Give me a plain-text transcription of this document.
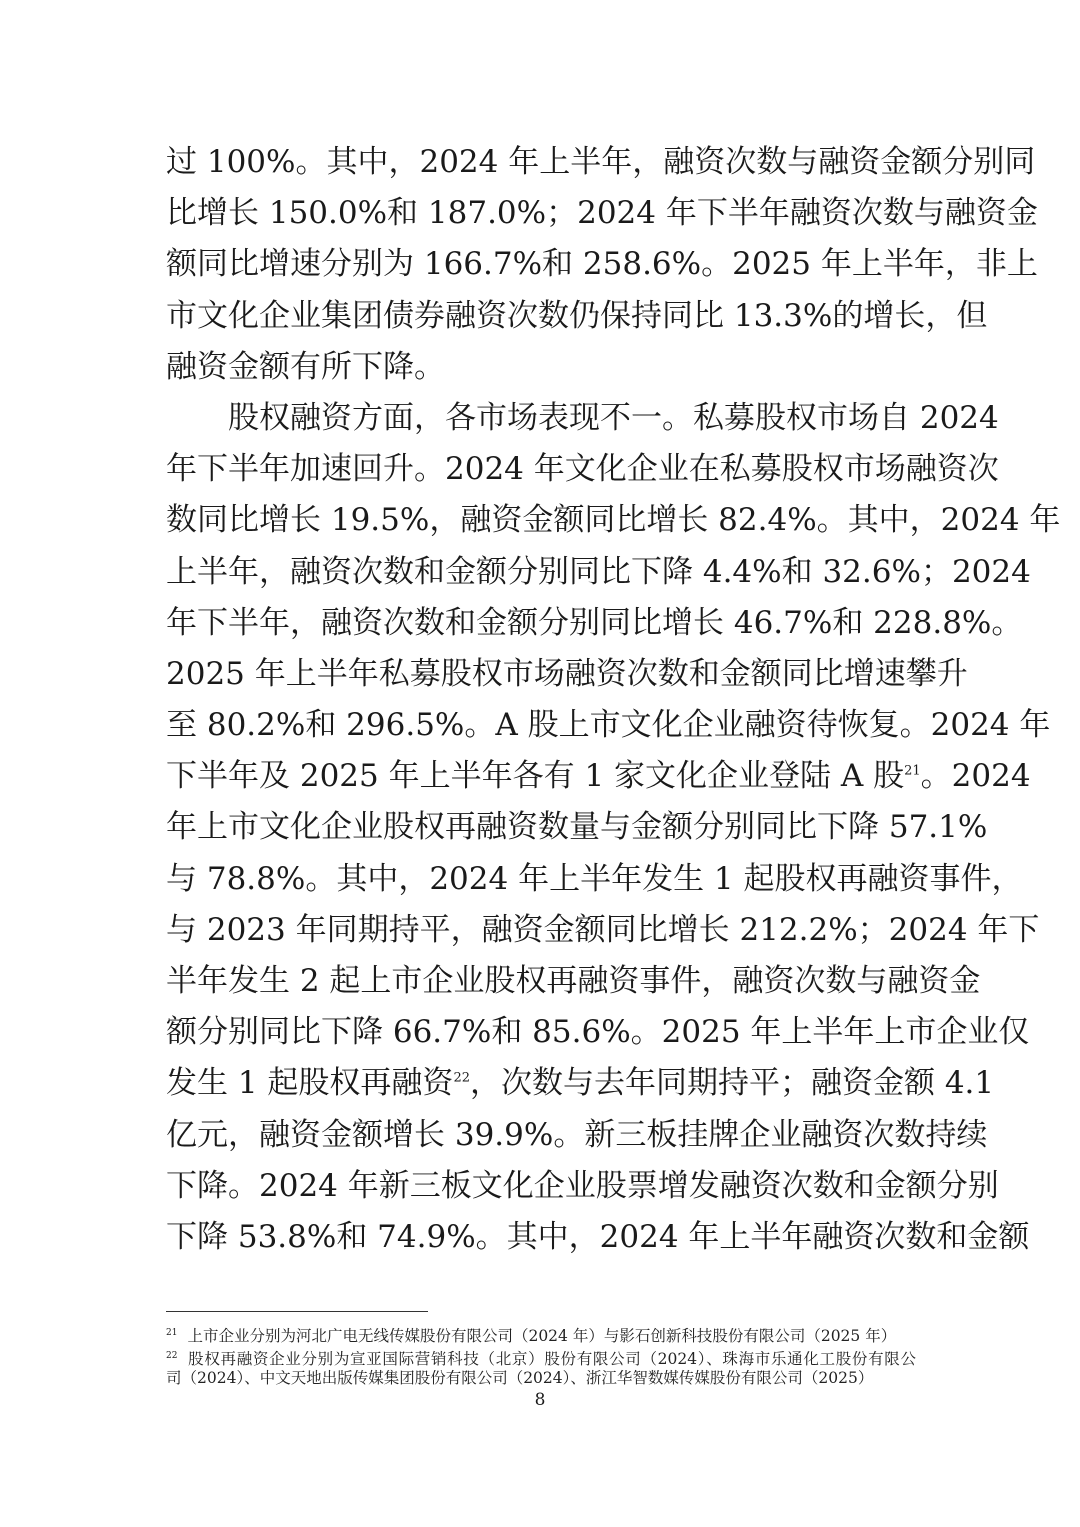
过 100%。其中，2024 年上半年，融资次数与融资金额分别同
比增长 150.0%和 187.0%；2024 年下半年融资次数与融资金
额同比增速分别为 166.7%和 258.6%。2025 年上半年，非上
市文化企业集团债券融资次数仍保持同比 13.3%的增长，但
融资金额有所下降。
股权融资方面，各市场表现不一。私募股权市场自 2024
年下半年加速回升。2024 年文化企业在私募股权市场融资次
数同比增长 19.5%，融资金额同比增长 82.4%。其中，2024 年
上半年，融资次数和金额分别同比下降 4.4%和 32.6%；2024
年下半年，融资次数和金额分别同比增长 46.7%和 228.8%。
2025 年上半年私募股权市场融资次数和金额同比增速攀升
至 80.2%和 296.5%。A 股上市文化企业融资待恢复。2024 年
下半年及 2025 年上半年各有 1 家文化企业登陆 A 股$^{21}$。2024
年上市文化企业股权再融资数量与金额分别同比下降 57.1%
与 78.8%。其中，2024 年上半年发生 1 起股权再融资事件，
与 2023 年同期持平，融资金额同比增长 212.2%；2024 年下
半年发生 2 起上市企业股权再融资事件，融资次数与融资金
额分别同比下降 66.7%和 85.6%。2025 年上半年上市企业仅
发生 1 起股权再融资$^{22}$，次数与去年同期持平；融资金额 4.1
亿元，融资金额增长 39.9%。新三板挂牌企业融资次数持续
下降。2024 年新三板文化企业股票增发融资次数和金额分别
下降 53.8%和 74.9%。其中，2024 年上半年融资次数和金额
$^{21}$ 上市企业分别为河北广电无线传媒股份有限公司（2024 年）与影石创新科技股份有限公司（2025 年）
$^{22}$ 股权再融资企业分别为宣亚国际营销科技（北京）股份有限公司（2024）、珠海市乐通化工股份有限公
司（2024）、中文天地出版传媒集团股份有限公司（2024）、浙江华智数媒传媒股份有限公司（2025）
8
